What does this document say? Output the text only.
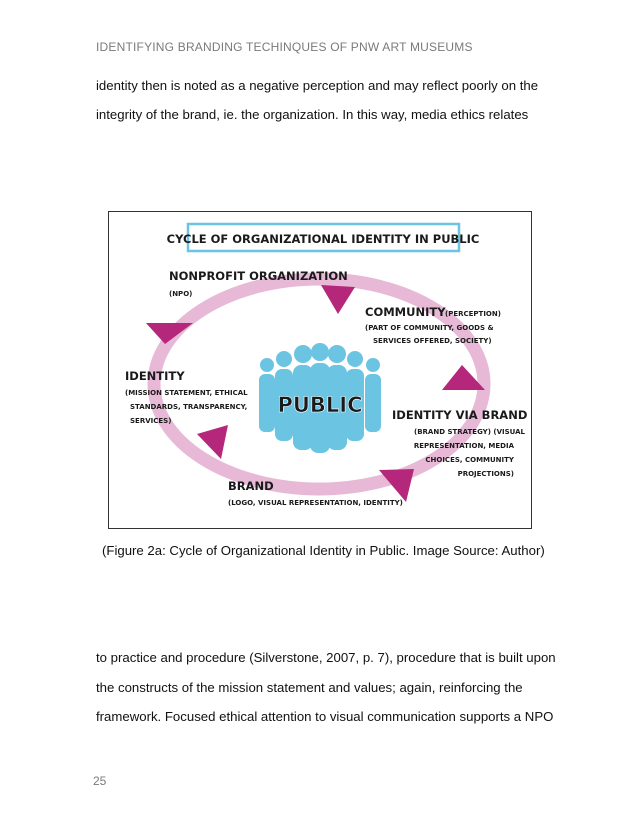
IDENTIFYING BRANDING TECHINQUES OF PNW ART MUSEUMS
identity then is noted as a negative perception and may reflect poorly on the
integrity of the brand, ie. the organization. In this way, media ethics relates
CYCLE OF ORGANIZATIONAL IDENTITY IN PUBLIC
PUBLIC
NONPROFIT ORGANIZATION
(NPO)
COMMUNITY (PERCEPTION)
(PART OF COMMUNITY, GOODS &
SERVICES OFFERED, SOCIETY)
IDENTITY
(MISSION STATEMENT, ETHICAL
STANDARDS, TRANSPARENCY,
SERVICES)	IDENTITY VIA BRAND
(BRAND STRATEGY) (VISUAL
REPRESENTATION, MEDIA
CHOICES, COMMUNITY
PROJECTIONS)
BRAND
(LOGO, VISUAL REPRESENTATION, IDENTITY)
(Figure 2a: Cycle of Organizational Identity in Public. Image Source: Author)
to practice and procedure (Silverstone, 2007, p. 7), procedure that is built upon
the constructs of the mission statement and values; again, reinforcing the
framework. Focused ethical attention to visual communication supports a NPO
25
